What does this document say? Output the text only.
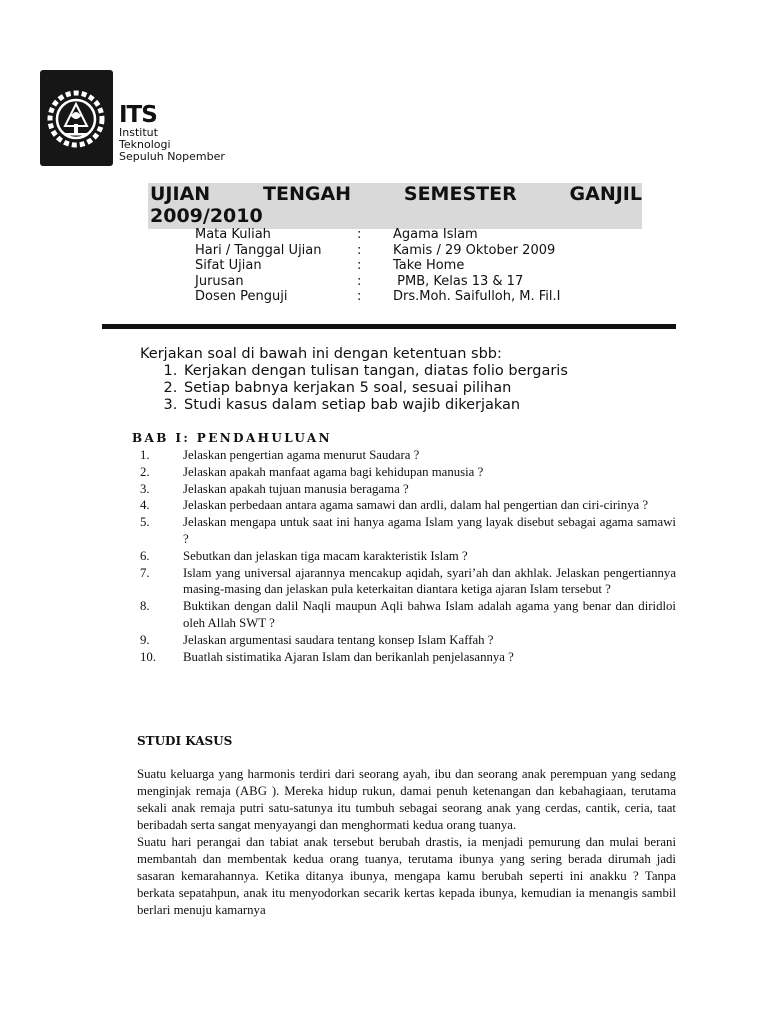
ITS
Institut
Teknologi
Sepuluh Nopember
UJIAN	TENGAH	SEMESTER	GANJIL
2009/2010
Mata Kuliah	:	Agama Islam
Hari / Tanggal Ujian	:	Kamis / 29 Oktober 2009
Sifat Ujian	:	Take Home
Jurusan	:	PMB, Kelas 13 & 17
Dosen Penguji	:	Drs.Moh. Saifulloh, M. Fil.I
Kerjakan soal di bawah ini dengan ketentuan sbb:
1. Kerjakan dengan tulisan tangan, diatas folio bergaris
2. Setiap babnya kerjakan 5 soal, sesuai pilihan
3. Studi kasus dalam setiap bab wajib dikerjakan
BAB I: PENDAHULUAN
1.	Jelaskan pengertian agama menurut Saudara ?
2.	Jelaskan apakah manfaat agama bagi kehidupan manusia ?
3.	Jelaskan apakah tujuan manusia beragama ?
4.	Jelaskan perbedaan antara agama samawi dan ardli, dalam hal pengertian dan ciri-cirinya ?
5.	Jelaskan mengapa untuk saat ini hanya agama Islam yang layak disebut sebagai agama samawi ?
6.	Sebutkan dan jelaskan tiga macam karakteristik Islam ?
7.	Islam yang universal ajarannya mencakup aqidah, syari’ah dan akhlak. Jelaskan pengertiannya masing-masing dan jelaskan pula keterkaitan diantara ketiga ajaran Islam tersebut ?
8.	Buktikan dengan dalil Naqli maupun Aqli bahwa Islam adalah agama yang benar dan diridloi oleh Allah SWT ?
9.	Jelaskan argumentasi saudara tentang konsep Islam Kaffah ?
10.	Buatlah sistimatika Ajaran Islam dan berikanlah penjelasannya ?
STUDI KASUS

Suatu keluarga yang harmonis terdiri dari seorang ayah, ibu dan seorang anak perempuan yang sedang menginjak remaja (ABG ). Mereka hidup rukun, damai penuh ketenangan dan kebahagiaan, terutama sekali anak remaja putri satu-satunya itu tumbuh sebagai seorang anak yang cerdas, cantik, ceria, taat beribadah serta sangat menyayangi dan menghormati kedua orang tuanya.

Suatu hari perangai dan tabiat anak tersebut berubah drastis, ia menjadi pemurung dan mulai berani membantah dan membentak kedua orang tuanya, terutama ibunya yang sering berada dirumah jadi sasaran kemarahannya. Ketika ditanya ibunya, mengapa kamu berubah seperti ini anakku ? Tanpa berkata sepatahpun, anak itu menyodorkan secarik kertas kepada ibunya, kemudian ia menangis sambil berlari menuju kamarnya
